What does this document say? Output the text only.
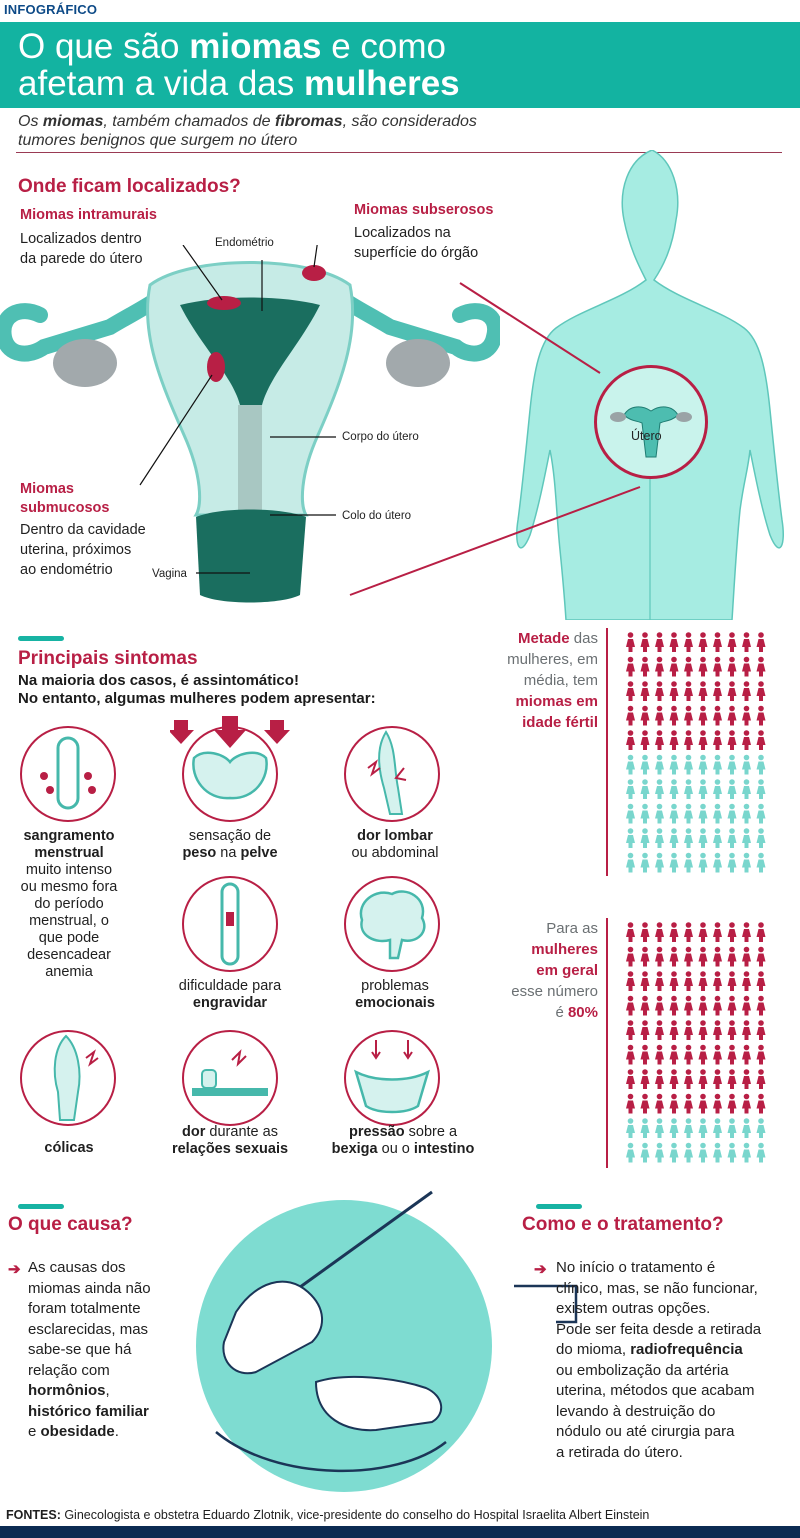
INFOGRÁFICO
O que são miomas e como
afetam a vida das mulheres
Os miomas, também chamados de fibromas, são considerados
tumores benignos que surgem no útero
Útero
Onde ficam localizados?
Miomas intramurais
Localizados dentro
da parede do útero
Miomas subserosos
Localizados na
superfície do órgão
Endométrio
Corpo do útero
Colo do útero
Vagina
Miomas
submucosos
Dentro da cavidade
uterina, próximos
ao endométrio
Principais sintomas
Na maioria dos casos, é assintomático!
No entanto, algumas mulheres podem apresentar:
sangramento
menstrual
muito intenso
ou mesmo fora
do período
menstrual, o
que pode
desencadear
anemia
sensação de
peso na pelve
dor lombar
ou abdominal
dificuldade para
engravidar
problemas
emocionais
cólicas
dor durante as
relações sexuais
pressão sobre a
bexiga ou o intestino
Metade das
mulheres, em
média, tem
miomas em
idade fértil
Para as
mulheres
em geral
esse número
é 80%
O que causa?	Como e o tratamento?
➔ As causas dos
miomas ainda não
foram totalmente
esclarecidas, mas
sabe-se que há
relação com
hormônios,
histórico familiar
e obesidade.
➔ No início o tratamento é
clínico, mas, se não funcionar,
existem outras opções.
Pode ser feita desde a retirada
do mioma, radiofrequência
ou embolização da artéria
uterina, métodos que acabam
levando à destruição do
nódulo ou até cirurgia para
a retirada do útero.
FONTES: Ginecologista e obstetra Eduardo Zlotnik, vice-presidente do conselho do Hospital Israelita Albert Einstein
